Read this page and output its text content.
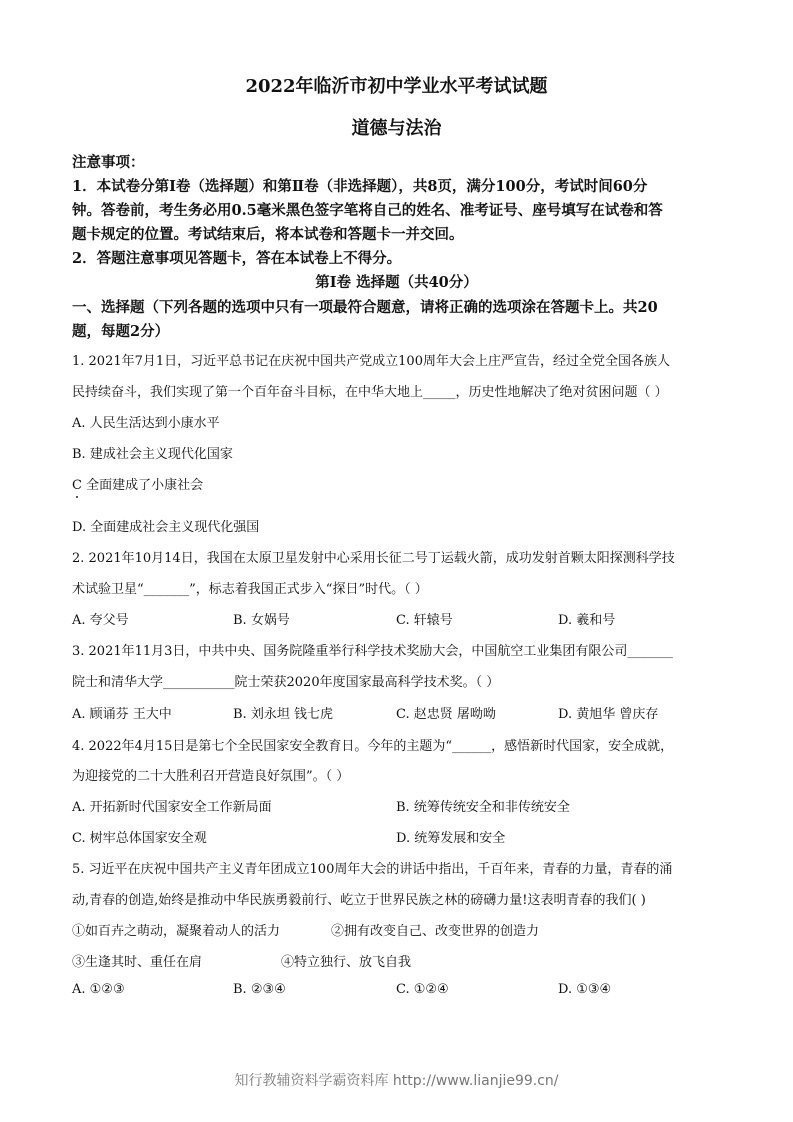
2022年临沂市初中学业水平考试试题
道德与法治
注意事项：
1．本试卷分第Ⅰ卷（选择题）和第Ⅱ卷（非选择题），共8页，满分100分，考试时间60分
钟。答卷前，考生务必用0.5毫米黑色签字笔将自己的姓名、准考证号、座号填写在试卷和答
题卡规定的位置。考试结束后，将本试卷和答题卡一并交回。
2．答题注意事项见答题卡，答在本试卷上不得分。
第Ⅰ卷 选择题（共40分）
一、选择题（下列各题的选项中只有一项最符合题意，请将正确的选项涂在答题卡上。共20
题，每题2分）
1. 2021年7月1日，习近平总书记在庆祝中国共产党成立100周年大会上庄严宣告，经过全党全国各族人
民持续奋斗，我们实现了第一个百年奋斗目标，在中华大地上_____，历史性地解决了绝对贫困问题（ ）
A. 人民生活达到小康水平
B. 建成社会主义现代化国家
C 全面建成了小康社会
D. 全面建成社会主义现代化强国
2. 2021年10月14日，我国在太原卫星发射中心采用长征二号丁运载火箭，成功发射首颗太阳探测科学技
术试验卫星“_______”，标志着我国正式步入“探日”时代。（ ）
A. 夸父号	B. 女娲号	C. 轩辕号	D. 羲和号
3. 2021年11月3日，中共中央、国务院隆重举行科学技术奖励大会，中国航空工业集团有限公司_______
院士和清华大学___________院士荣获2020年度国家最高科学技术奖。（ ）
A. 顾诵芬 王大中	B. 刘永坦 钱七虎	C. 赵忠贤 屠呦呦	D. 黄旭华 曾庆存
4. 2022年4月15日是第七个全民国家安全教育日。今年的主题为“______，感悟新时代国家，安全成就，
为迎接党的二十大胜利召开营造良好氛围”。（ ）
A. 开拓新时代国家安全工作新局面	B. 统筹传统安全和非传统安全
C. 树牢总体国家安全观	D. 统筹发展和安全
5. 习近平在庆祝中国共产主义青年团成立100周年大会的讲话中指出，千百年来，青春的力量，青春的涌
动,青春的创造,始终是推动中华民族勇毅前行、屹立于世界民族之林的磅礴力量!这表明青春的我们( )
①如百卉之萌动，凝聚着动人的活力	②拥有改变自己、改变世界的创造力
③生逢其时、重任在肩	④特立独行、放飞自我
A. ①②③	B. ②③④	C. ①②④	D. ①③④
知行教辅资料学霸资料库 http://www.lianjie99.cn/
